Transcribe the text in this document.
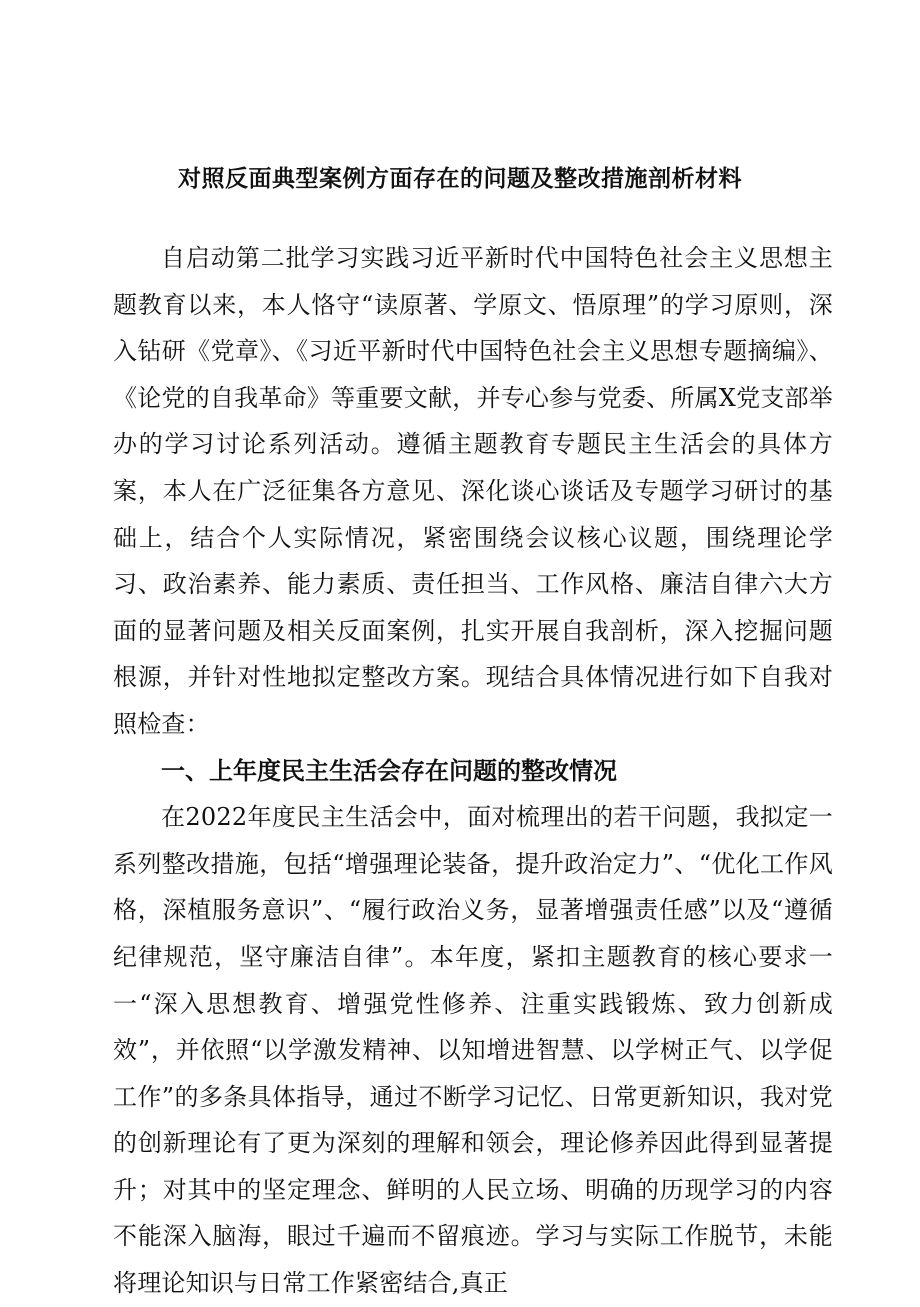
对照反面典型案例方面存在的问题及整改措施剖析材料

自启动第二批学习实践习近平新时代中国特色社会主义思想主题教育以来，本人恪守“读原著、学原文、悟原理”的学习原则，深入钻研《党章》、《习近平新时代中国特色社会主义思想专题摘编》、《论党的自我革命》等重要文献，并专心参与党委、所属X党支部举办的学习讨论系列活动。遵循主题教育专题民主生活会的具体方案，本人在广泛征集各方意见、深化谈心谈话及专题学习研讨的基础上，结合个人实际情况，紧密围绕会议核心议题，围绕理论学习、政治素养、能力素质、责任担当、工作风格、廉洁自律六大方面的显著问题及相关反面案例，扎实开展自我剖析，深入挖掘问题根源，并针对性地拟定整改方案。现结合具体情况进行如下自我对照检查：

一、上年度民主生活会存在问题的整改情况

在2022年度民主生活会中，面对梳理出的若干问题，我拟定一系列整改措施，包括“增强理论装备，提升政治定力”、“优化工作风格，深植服务意识”、“履行政治义务，显著增强责任感”以及“遵循纪律规范，坚守廉洁自律”。本年度，紧扣主题教育的核心要求一一“深入思想教育、增强党性修养、注重实践锻炼、致力创新成效”，并依照“以学激发精神、以知增进智慧、以学树正气、以学促工作”的多条具体指导，通过不断学习记忆、日常更新知识，我对党的创新理论有了更为深刻的理解和领会，理论修养因此得到显著提升；对其中的坚定理念、鲜明的人民立场、明确的历现学习的内容不能深入脑海，眼过千遍而不留痕迹。学习与实际工作脱节，未能将理论知识与日常工作紧密结合,真正
